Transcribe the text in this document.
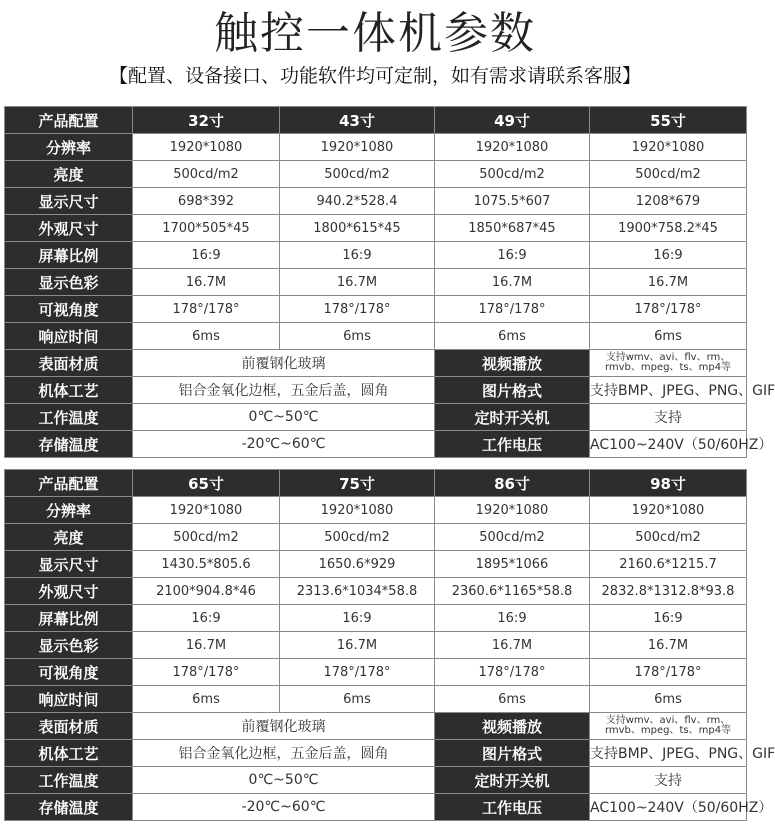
触控一体机参数
【配置、设备接口、功能软件均可定制，如有需求请联系客服】
产品配置	32寸	43寸	49寸	55寸
分辨率	1920*1080	1920*1080	1920*1080	1920*1080
亮度	500cd/m2	500cd/m2	500cd/m2	500cd/m2
显示尺寸	698*392	940.2*528.4	1075.5*607	1208*679
外观尺寸	1700*505*45	1800*615*45	1850*687*45	1900*758.2*45
屏幕比例	16:9	16:9	16:9	16:9
显示色彩	16.7M	16.7M	16.7M	16.7M
可视角度	178°/178°	178°/178°	178°/178°	178°/178°
响应时间	6ms	6ms	6ms	6ms
表面材质	前覆钢化玻璃		视频播放	支持wmv、avi、flv、rm、rmvb、mpeg、ts、mp4等
机体工艺	铝合金氧化边框，五金后盖，圆角		图片格式	支持BMP、JPEG、PNG、GIF
工作温度	0℃~50℃		定时开关机	支持
存储温度	-20℃~60℃		工作电压	AC100~240V（50/60HZ）
产品配置	65寸	75寸	86寸	98寸
分辨率	1920*1080	1920*1080	1920*1080	1920*1080
亮度	500cd/m2	500cd/m2	500cd/m2	500cd/m2
显示尺寸	1430.5*805.6	1650.6*929	1895*1066	2160.6*1215.7
外观尺寸	2100*904.8*46	2313.6*1034*58.8	2360.6*1165*58.8	2832.8*1312.8*93.8
屏幕比例	16:9	16:9	16:9	16:9
显示色彩	16.7M	16.7M	16.7M	16.7M
可视角度	178°/178°	178°/178°	178°/178°	178°/178°
响应时间	6ms	6ms	6ms	6ms
表面材质	前覆钢化玻璃		视频播放	支持wmv、avi、flv、rm、rmvb、mpeg、ts、mp4等
机体工艺	铝合金氧化边框，五金后盖，圆角		图片格式	支持BMP、JPEG、PNG、GIF
工作温度	0℃~50℃		定时开关机	支持
存储温度	-20℃~60℃		工作电压	AC100~240V（50/60HZ）
